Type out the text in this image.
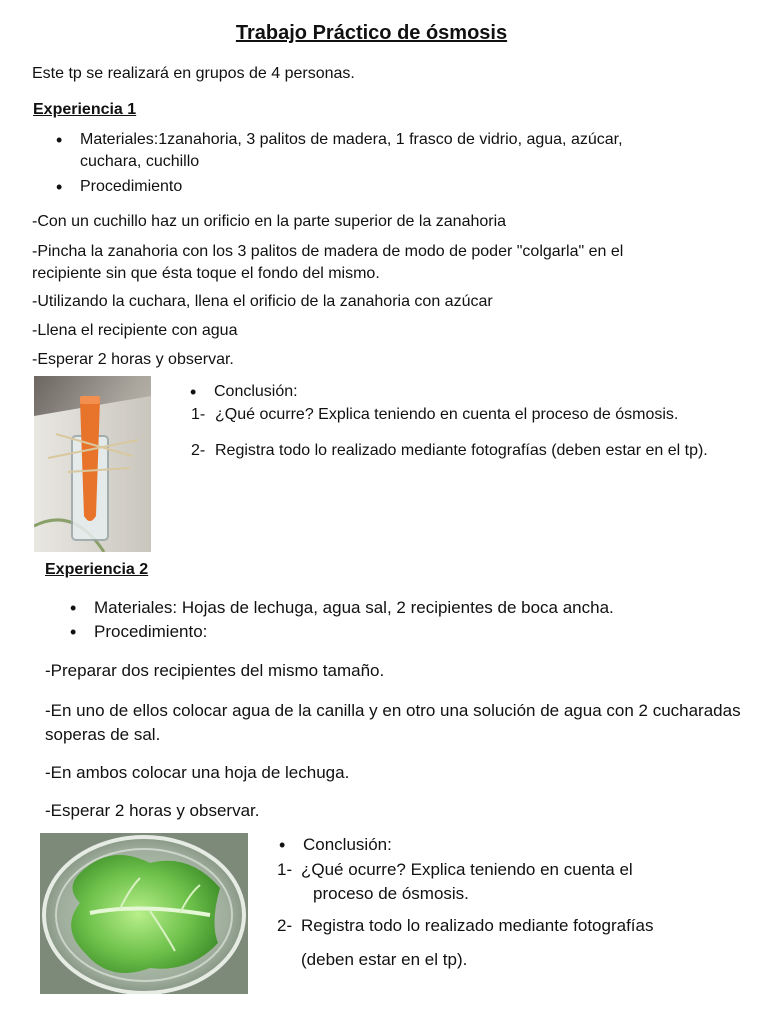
Trabajo Práctico de ósmosis

Este tp se realizará en grupos de 4 personas.

Experiencia 1

• Materiales:1zanahoria, 3 palitos de madera, 1 frasco de vidrio, agua, azúcar, cuchara, cuchillo
• Procedimiento

-Con un cuchillo haz un orificio en la parte superior de la zanahoria

-Pincha la zanahoria con los 3 palitos de madera de modo de poder "colgarla" en el recipiente sin que ésta toque el fondo del mismo.

-Utilizando la cuchara, llena el orificio de la zanahoria con azúcar

-Llena el recipiente con agua

-Esperar 2 horas y observar.

• Conclusión:
1- ¿Qué ocurre? Explica teniendo en cuenta el proceso de ósmosis.
2- Registra todo lo realizado mediante fotografías (deben estar en el tp).

Experiencia 2

• Materiales: Hojas de lechuga, agua sal, 2 recipientes de boca ancha.
• Procedimiento:

-Preparar dos recipientes del mismo tamaño.

-En uno de ellos colocar agua de la canilla y en otro una solución de agua con 2 cucharadas soperas de sal.

-En ambos colocar una hoja de lechuga.

-Esperar 2 horas y observar.

• Conclusión:
1- ¿Qué ocurre? Explica teniendo en cuenta el
proceso de ósmosis.
2- Registra todo lo realizado mediante fotografías
(deben estar en el tp).
